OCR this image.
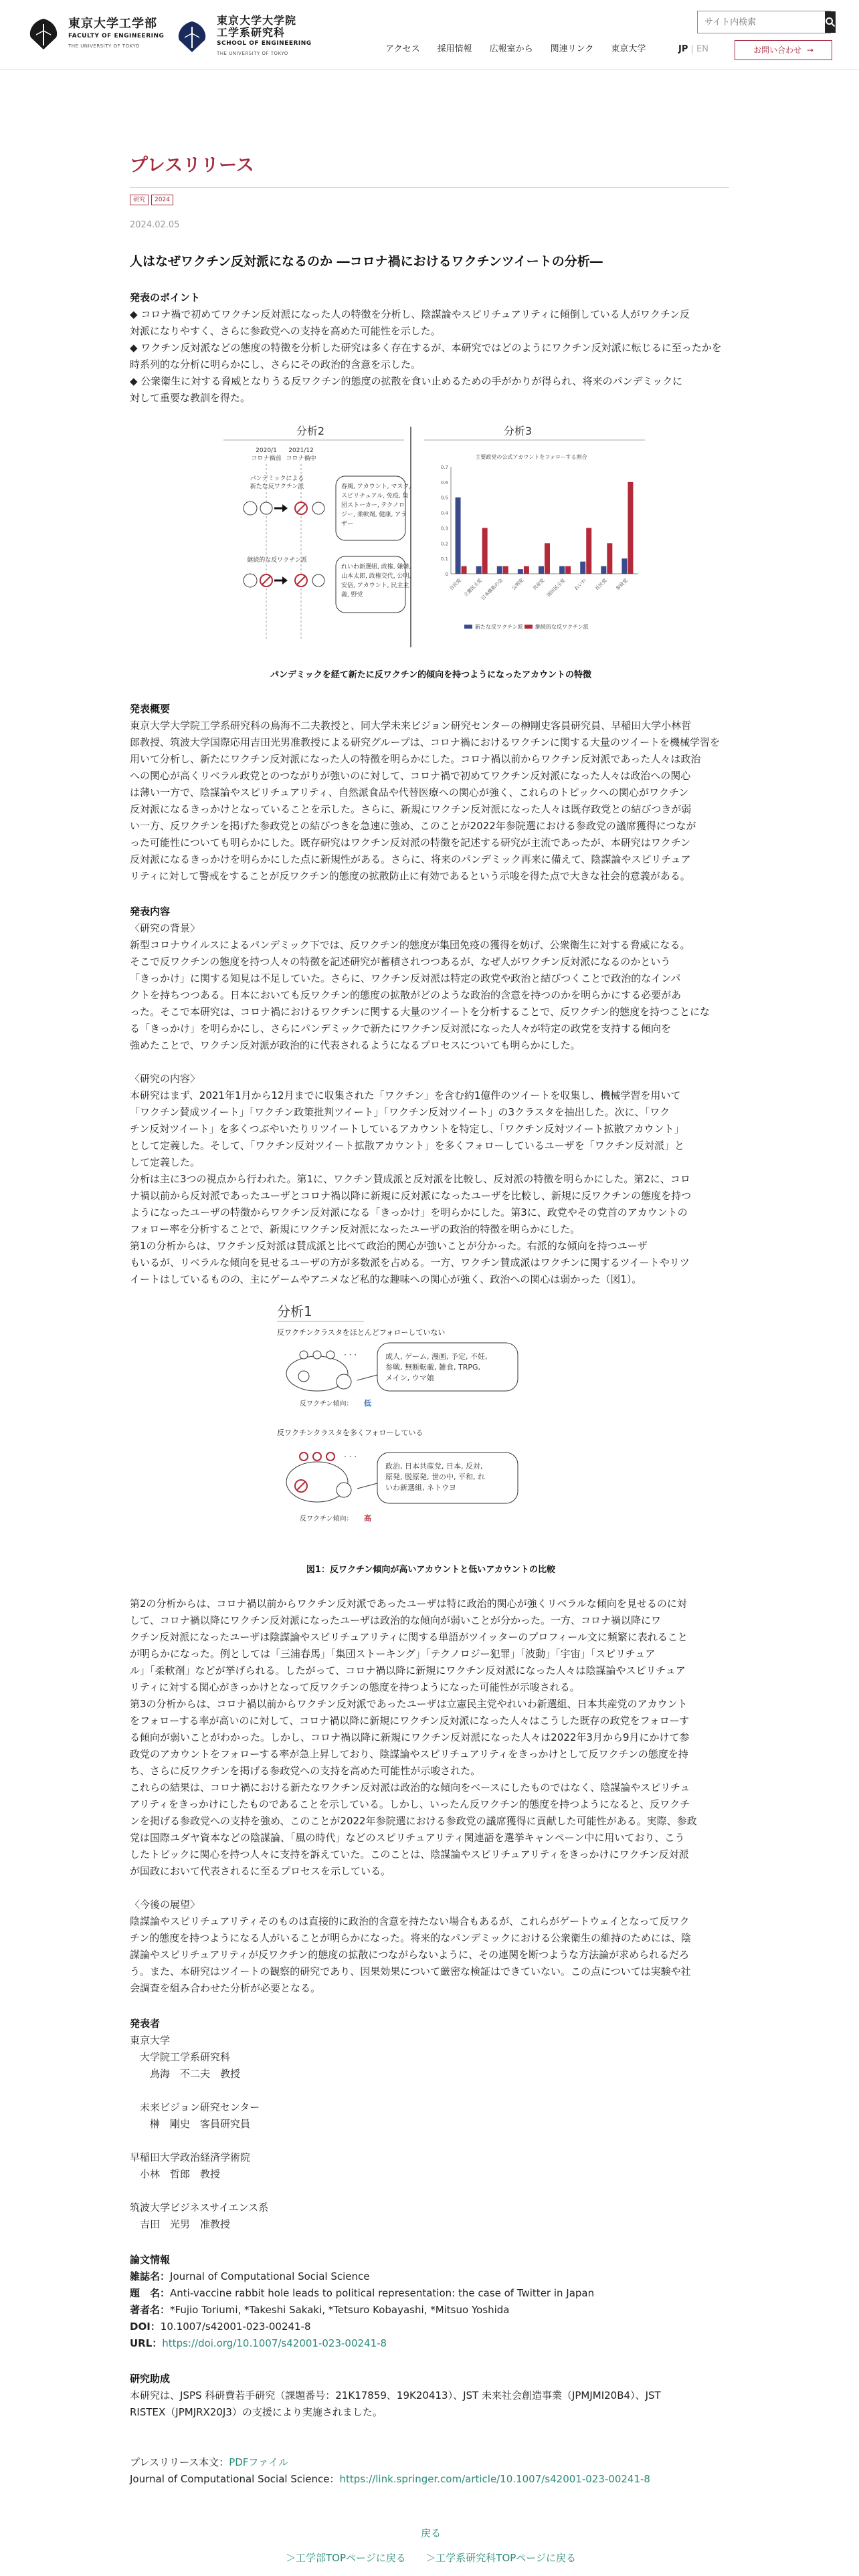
東京大学工学部
FACULTY OF ENGINEERING
THE UNIVERSITY OF TOKYO
東京大学大学院
工学系研究科
SCHOOL OF ENGINEERING
THE UNIVERSITY OF TOKYO
サイト内検索	アクセス 採用情報 広報室から 関連リンク 東京大学	JP | EN	お問い合わせ →
プレスリリース
研究	2024
2024.02.05
人はなぜワクチン反対派になるのか ―コロナ禍におけるワクチンツイートの分析―
発表のポイント

◆ コロナ禍で初めてワクチン反対派になった人の特徴を分析し、陰謀論やスピリチュアリティに傾倒している人がワクチン反

対派になりやすく、さらに参政党への支持を高めた可能性を示した。

◆ ワクチン反対派などの態度の特徴を分析した研究は多く存在するが、本研究ではどのようにワクチン反対派に転じるに至ったかを

時系列的な分析に明らかにし、さらにその政治的含意を示した。

◆ 公衆衛生に対する脅威となりうる反ワクチン的態度の拡散を食い止めるための手がかりが得られ、将来のパンデミックに

対して重要な教訓を得た。

分析2	分析3
2020/1
コロナ禍前
2021/12
コロナ禍中
パンデミックによる
新たな反ワクチン派	春風, アカウント, マスク,
スピリチュアル, 免疫, 集
団ストーカー, テクノロ
ジー, 柔軟剤, 健康, アラ
ザー
継続的な反ワクチン派
れいわ新選組, 政権, 嫌韓,
山本太郎, 政権交代, 公明,
安倍, アカウント, 民主主
義, 野党
主要政党の公式アカウントをフォローする割合
0.7
0.6
0.5
0.4
0.3
0.2
0.1
0
自民党 立憲民主党
日本維新の会 公明党 共産党 国民民主党 れいわ 社民党 参政党
新たな反ワクチン派 継続的な反ワクチン派
パンデミックを経て新たに反ワクチン的傾向を持つようになったアカウントの特徴
発表概要

東京大学大学院工学系研究科の鳥海不二夫教授と、同大学未来ビジョン研究センターの榊剛史客員研究員、早稲田大学小林哲

郎教授、筑波大学国際応用吉田光男准教授による研究グループは、コロナ禍におけるワクチンに関する大量のツイートを機械学習を

用いて分析し、新たにワクチン反対派になった人の特徴を明らかにした。コロナ禍以前からワクチン反対派であった人々は政治

への関心が高くリベラル政党とのつながりが強いのに対して、コロナ禍で初めてワクチン反対派になった人々は政治への関心

は薄い一方で、陰謀論やスピリチュアリティ、自然派食品や代替医療への関心が強く、これらのトピックへの関心がワクチン

反対派になるきっかけとなっていることを示した。さらに、新規にワクチン反対派になった人々は既存政党との結びつきが弱

い一方、反ワクチンを掲げた参政党との結びつきを急速に強め、このことが2022年参院選における参政党の議席獲得につなが

った可能性についても明らかにした。既存研究はワクチン反対派の特徴を記述する研究が主流であったが、本研究はワクチン

反対派になるきっかけを明らかにした点に新規性がある。さらに、将来のパンデミック再来に備えて、陰謀論やスピリチュア

リティに対して警戒をすることが反ワクチン的態度の拡散防止に有効であるという示唆を得た点で大きな社会的意義がある。

発表内容

〈研究の背景〉

新型コロナウイルスによるパンデミック下では、反ワクチン的態度が集団免疫の獲得を妨げ、公衆衛生に対する脅威になる。

そこで反ワクチンの態度を持つ人々の特徴を記述研究が蓄積されつつあるが、なぜ人がワクチン反対派になるのかという

「きっかけ」に関する知見は不足していた。さらに、ワクチン反対派は特定の政党や政治と結びつくことで政治的なインパ

クトを持ちつつある。日本においても反ワクチン的態度の拡散がどのような政治的含意を持つのかを明らかにする必要があ

った。そこで本研究は、コロナ禍におけるワクチンに関する大量のツイートを分析することで、反ワクチン的態度を持つことにな

る「きっかけ」を明らかにし、さらにパンデミックで新たにワクチン反対派になった人々が特定の政党を支持する傾向を

強めたことで、ワクチン反対派が政治的に代表されるようになるプロセスについても明らかにした。

〈研究の内容〉

本研究はまず、2021年1月から12月までに収集された「ワクチン」を含む約1億件のツイートを収集し、機械学習を用いて

「ワクチン賛成ツイート」「ワクチン政策批判ツイート」「ワクチン反対ツイート」の3クラスタを抽出した。次に、「ワク

チン反対ツイート」を多くつぶやいたりリツイートしているアカウントを特定し、「ワクチン反対ツイート拡散アカウント」

として定義した。そして、「ワクチン反対ツイート拡散アカウント」を多くフォローしているユーザを「ワクチン反対派」と

して定義した。

分析は主に3つの視点から行われた。第1に、ワクチン賛成派と反対派を比較し、反対派の特徴を明らかにした。第2に、コロ

ナ禍以前から反対派であったユーザとコロナ禍以降に新規に反対派になったユーザを比較し、新規に反ワクチンの態度を持つ

ようになったユーザの特徴からワクチン反対派になる「きっかけ」を明らかにした。第3に、政党やその党首のアカウントの

フォロー率を分析することで、新規にワクチン反対派になったユーザの政治的特徴を明らかにした。

第1の分析からは、ワクチン反対派は賛成派と比べて政治的関心が強いことが分かった。右派的な傾向を持つユーザ

もいるが、リベラルな傾向を見せるユーザの方が多数派を占める。一方、ワクチン賛成派はワクチンに関するツイートやリツ

イートはしているものの、主にゲームやアニメなど私的な趣味への関心が強く、政治への関心は弱かった（図1）。

分析1
反ワクチンクラスタをほとんどフォローしていない
· · ·	成人, ゲーム, 漫画, 予定, 不妊,
参戦, 無断転載, 雑食, TRPG,
メイン, ウマ娘
反ワクチン傾向： 低
反ワクチンクラスタを多くフォローしている
· · ·
政治, 日本共産党, 日本, 反対,
原発, 脱原発, 世の中, 平和, れ
いわ新選組, ネトウヨ
反ワクチン傾向： 高
図1：反ワクチン傾向が高いアカウントと低いアカウントの比較

第2の分析からは、コロナ禍以前からワクチン反対派であったユーザは特に政治的関心が強くリベラルな傾向を見せるのに対

して、コロナ禍以降にワクチン反対派になったユーザは政治的な傾向が弱いことが分かった。一方、コロナ禍以降にワ

クチン反対派になったユーザは陰謀論やスピリチュアリティに関する単語がツイッターのプロフィール文に頻繁に表れること

が明らかになった。例としては「三浦春馬」「集団ストーキング」「テクノロジー犯罪」「波動」「宇宙」「スピリチュア

ル」「柔軟剤」などが挙げられる。したがって、コロナ禍以降に新規にワクチン反対派になった人々は陰謀論やスピリチュア

リティに対する関心がきっかけとなって反ワクチンの態度を持つようになった可能性が示唆される。

第3の分析からは、コロナ禍以前からワクチン反対派であったユーザは立憲民主党やれいわ新選組、日本共産党のアカウント

をフォローする率が高いのに対して、コロナ禍以降に新規にワクチン反対派になった人々はこうした既存の政党をフォローす

る傾向が弱いことがわかった。しかし、コロナ禍以降に新規にワクチン反対派になった人々は2022年3月から9月にかけて参

政党のアカウントをフォローする率が急上昇しており、陰謀論やスピリチュアリティをきっかけとして反ワクチンの態度を持

ち、さらに反ワクチンを掲げる参政党への支持を高めた可能性が示唆された。

これらの結果は、コロナ禍における新たなワクチン反対派は政治的な傾向をベースにしたものではなく、陰謀論やスピリチュ

アリティをきっかけにしたものであることを示している。しかし、いったん反ワクチン的態度を持つようになると、反ワクチ

ンを掲げる参政党への支持を強め、このことが2022年参院選における参政党の議席獲得に貢献した可能性がある。実際、参政

党は国際ユダヤ資本などの陰謀論、「風の時代」などのスピリチュアリティ関連語を選挙キャンペーン中に用いており、こう

したトピックに関心を持つ人々に支持を訴えていた。このことは、陰謀論やスピリチュアリティをきっかけにワクチン反対派

が国政において代表されるに至るプロセスを示している。

〈今後の展望〉

陰謀論やスピリチュアリティそのものは直接的に政治的含意を持たない場合もあるが、これらがゲートウェイとなって反ワク

チン的態度を持つようになる人がいることが明らかになった。将来的なパンデミックにおける公衆衛生の維持のためには、陰

謀論やスピリチュアリティが反ワクチン的態度の拡散につながらないように、その連関を断つような方法論が求められるだろ

う。また、本研究はツイートの観察的研究であり、因果効果について厳密な検証はできていない。この点については実験や社

会調査を組み合わせた分析が必要となる。

発表者

東京大学

大学院工学系研究科

鳥海　不二夫　教授

未来ビジョン研究センター

榊　剛史　客員研究員

早稲田大学政治経済学術院

小林　哲郎　教授

筑波大学ビジネスサイエンス系

吉田　光男　准教授

論文情報

雑誌名：Journal of Computational Social Science

題　名：Anti-vaccine rabbit hole leads to political representation: the case of Twitter in Japan

著者名：*Fujio Toriumi, *Takeshi Sakaki, *Tetsuro Kobayashi, *Mitsuo Yoshida

DOI：10.1007/s42001-023-00241-8

URL：https://doi.org/10.1007/s42001-023-00241-8

研究助成

本研究は、JSPS 科研費若手研究（課題番号：21K17859、19K20413）、JST 未来社会創造事業（JPMJMI20B4）、JST

RISTEX（JPMJRX20J3）の支援により実施されました。

プレスリリース本文：PDFファイル

Journal of Computational Social Science：https://link.springer.com/article/10.1007/s42001-023-00241-8

戻る

＞工学部TOPページに戻る ＞工学系研究科TOPページに戻る
